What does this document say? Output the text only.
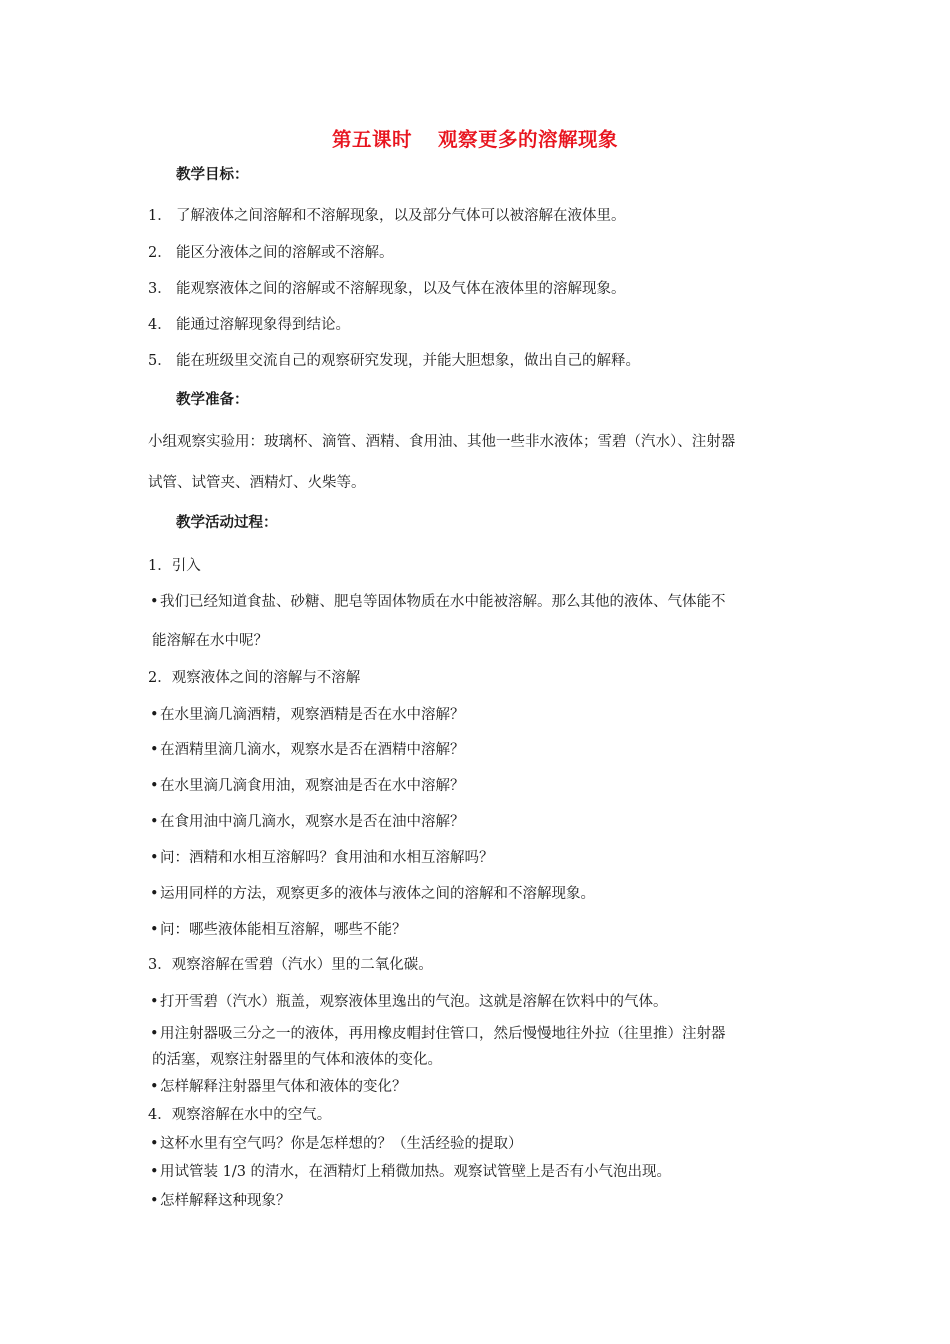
第五课时 观察更多的溶解现象
教学目标：
1． 了解液体之间溶解和不溶解现象，以及部分气体可以被溶解在液体里。
2． 能区分液体之间的溶解或不溶解。
3． 能观察液体之间的溶解或不溶解现象，以及气体在液体里的溶解现象。
4． 能通过溶解现象得到结论。
5． 能在班级里交流自己的观察研究发现，并能大胆想象，做出自己的解释。
教学准备：
小组观察实验用：玻璃杯、滴管、酒精、食用油、其他一些非水液体；雪碧（汽水）、注射器
试管、试管夹、酒精灯、火柴等。
教学活动过程：
1．引入
•我们已经知道食盐、砂糖、肥皂等固体物质在水中能被溶解。那么其他的液体、气体能不
能溶解在水中呢？
2．观察液体之间的溶解与不溶解
•在水里滴几滴酒精，观察酒精是否在水中溶解？
•在酒精里滴几滴水，观察水是否在酒精中溶解？
•在水里滴几滴食用油，观察油是否在水中溶解？
•在食用油中滴几滴水，观察水是否在油中溶解？
•问：酒精和水相互溶解吗？食用油和水相互溶解吗？
•运用同样的方法，观察更多的液体与液体之间的溶解和不溶解现象。
•问：哪些液体能相互溶解，哪些不能？
3．观察溶解在雪碧（汽水）里的二氧化碳。
•打开雪碧（汽水）瓶盖，观察液体里逸出的气泡。这就是溶解在饮料中的气体。
•用注射器吸三分之一的液体，再用橡皮帽封住管口，然后慢慢地往外拉（往里推）注射器
的活塞，观察注射器里的气体和液体的变化。
•怎样解释注射器里气体和液体的变化？
4．观察溶解在水中的空气。
•这杯水里有空气吗？你是怎样想的？（生活经验的提取）
•用试管装 1/3 的清水，在酒精灯上稍微加热。观察试管壁上是否有小气泡出现。
•怎样解释这种现象？
